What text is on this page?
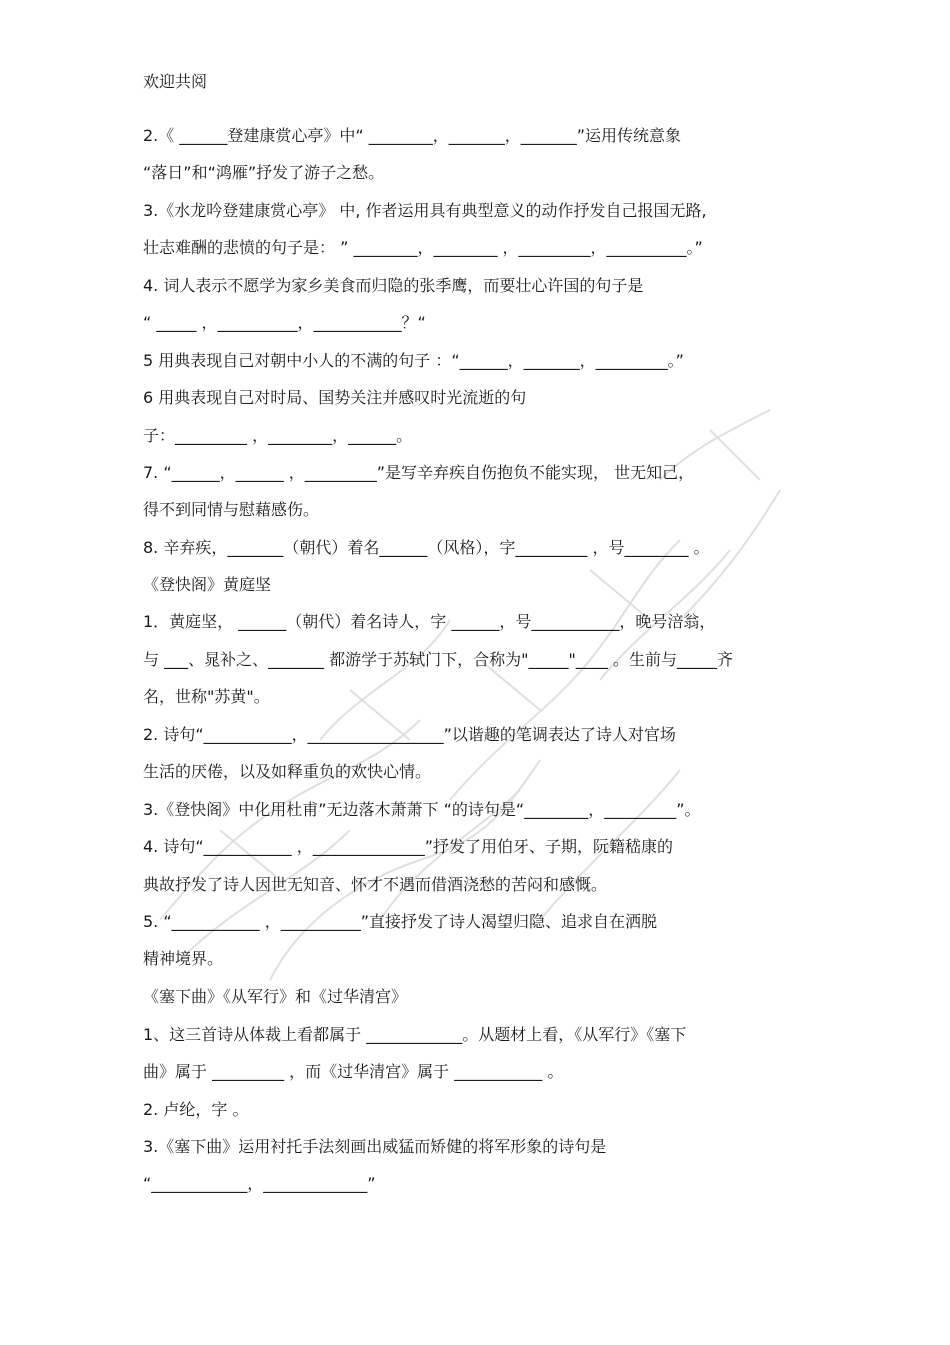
欢迎共阅
2.《 ______登建康赏心亭》中“ ________，_______，_______”运用传统意象
“落日”和“鸿雁”抒发了游子之愁。
3.《水龙吟登建康赏心亭》 中, 作者运用具有典型意义的动作抒发自己报国无路,
壮志难酬的悲愤的句子是： ” ________，________ ，_________，__________。”
4. 词人表示不愿学为家乡美食而归隐的张季鹰，而要壮心许国的句子是
“ _____ ，__________，___________？“
5 用典表现自己对朝中小人的不满的句子 ：“______，_______，_________。”
6 用典表现自己对时局、国势关注并感叹时光流逝的句
子：_________ ，________，______。
7. “______，______ ，_________”是写辛弃疾自伤抱负不能实现， 世无知己，
得不到同情与慰藉感伤。
8. 辛弃疾，_______（朝代）着名______（风格），字_________ ，号________ 。
《登快阁》黄庭坚
1．黄庭坚， ______（朝代）着名诗人，字 ______，号___________，晚号涪翁，
与 ___、晁补之、_______ 都游学于苏轼门下，合称为"_____"____ 。生前与_____齐
名，世称"苏黄"。
2. 诗句“___________，_________________”以谐趣的笔调表达了诗人对官场
生活的厌倦，以及如释重负的欢快心情。
3.《登快阁》中化用杜甫”无边落木萧萧下 “的诗句是“________，_________”。
4. 诗句“___________ ，______________”抒发了用伯牙、子期，阮籍嵇康的
典故抒发了诗人因世无知音、怀才不遇而借酒浇愁的苦闷和感慨。
5. “___________ ，__________”直接抒发了诗人渴望归隐、追求自在洒脱
精神境界。
《塞下曲》《从军行》和《过华清宫》
1、这三首诗从体裁上看都属于 ____________。从题材上看，《从军行》《塞下
曲》属于 _________ ，而《过华清宫》属于 ___________ 。
2. 卢纶，字 。
3.《塞下曲》运用衬托手法刻画出威猛而矫健的将军形象的诗句是
“____________，_____________”
